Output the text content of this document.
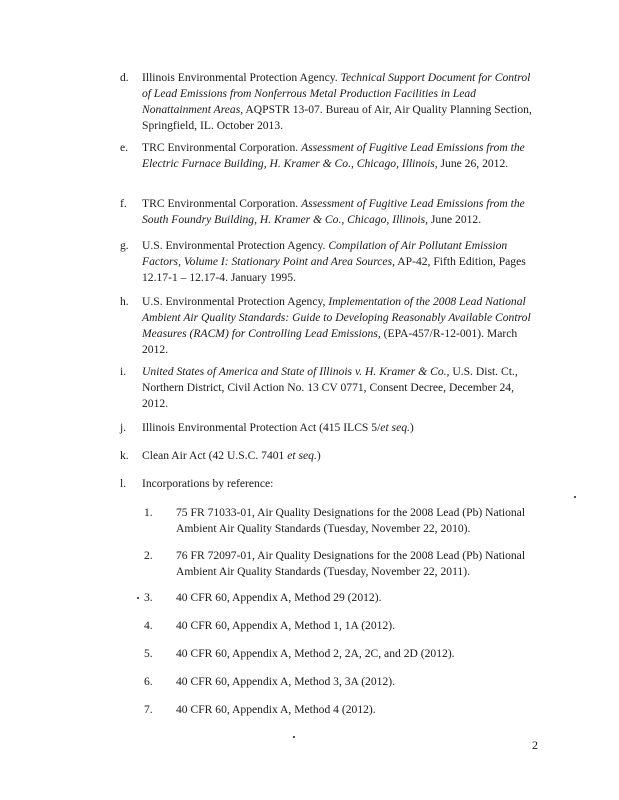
d. Illinois Environmental Protection Agency. Technical Support Document for Control of Lead Emissions from Nonferrous Metal Production Facilities in Lead Nonattainment Areas, AQPSTR 13-07. Bureau of Air, Air Quality Planning Section, Springfield, IL. October 2013.
e. TRC Environmental Corporation. Assessment of Fugitive Lead Emissions from the Electric Furnace Building, H. Kramer & Co., Chicago, Illinois, June 26, 2012.
f. TRC Environmental Corporation. Assessment of Fugitive Lead Emissions from the South Foundry Building, H. Kramer & Co., Chicago, Illinois, June 2012.
g. U.S. Environmental Protection Agency. Compilation of Air Pollutant Emission Factors, Volume I: Stationary Point and Area Sources, AP-42, Fifth Edition, Pages 12.17-1 – 12.17-4. January 1995.
h. U.S. Environmental Protection Agency, Implementation of the 2008 Lead National Ambient Air Quality Standards: Guide to Developing Reasonably Available Control Measures (RACM) for Controlling Lead Emissions, (EPA-457/R-12-001). March 2012.
i. United States of America and State of Illinois v. H. Kramer & Co., U.S. Dist. Ct., Northern District, Civil Action No. 13 CV 0771, Consent Decree, December 24, 2012.
j. Illinois Environmental Protection Act (415 ILCS 5/et seq.)
k. Clean Air Act (42 U.S.C. 7401 et seq.)
l. Incorporations by reference:
1. 75 FR 71033-01, Air Quality Designations for the 2008 Lead (Pb) National Ambient Air Quality Standards (Tuesday, November 22, 2010).
2. 76 FR 72097-01, Air Quality Designations for the 2008 Lead (Pb) National Ambient Air Quality Standards (Tuesday, November 22, 2011).
3. 40 CFR 60, Appendix A, Method 29 (2012).
4. 40 CFR 60, Appendix A, Method 1, 1A (2012).
5. 40 CFR 60, Appendix A, Method 2, 2A, 2C, and 2D (2012).
6. 40 CFR 60, Appendix A, Method 3, 3A (2012).
7. 40 CFR 60, Appendix A, Method 4 (2012).
2
